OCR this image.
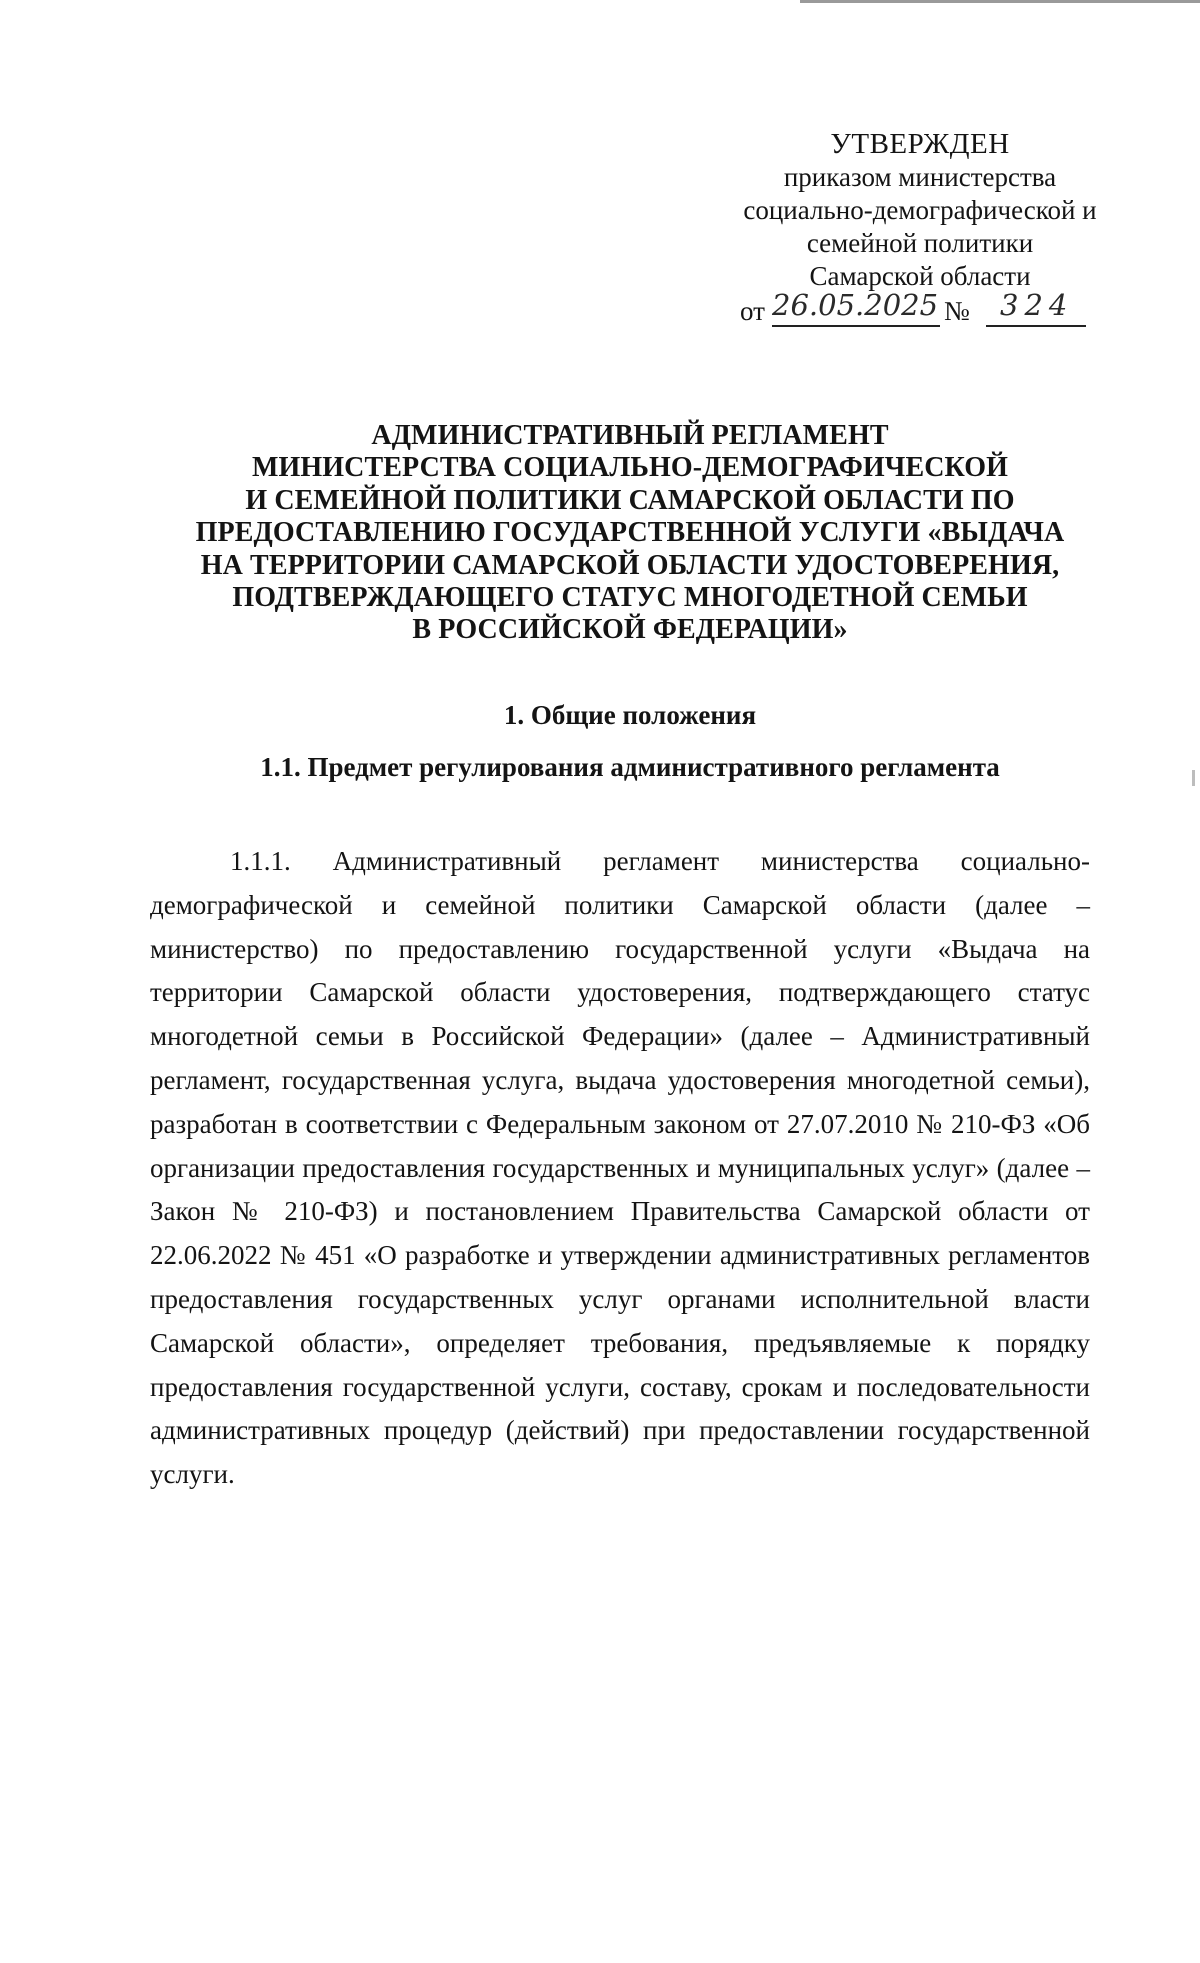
УТВЕРЖДЕН
приказом министерства
социально-демографической и
семейной политики
Самарской области
от 26.05.2025 № 324
АДМИНИСТРАТИВНЫЙ РЕГЛАМЕНТ
МИНИСТЕРСТВА СОЦИАЛЬНО-ДЕМОГРАФИЧЕСКОЙ
И СЕМЕЙНОЙ ПОЛИТИКИ САМАРСКОЙ ОБЛАСТИ ПО
ПРЕДОСТАВЛЕНИЮ ГОСУДАРСТВЕННОЙ УСЛУГИ «ВЫДАЧА
НА ТЕРРИТОРИИ САМАРСКОЙ ОБЛАСТИ УДОСТОВЕРЕНИЯ,
ПОДТВЕРЖДАЮЩЕГО СТАТУС МНОГОДЕТНОЙ СЕМЬИ
В РОССИЙСКОЙ ФЕДЕРАЦИИ»
1. Общие положения
1.1. Предмет регулирования административного регламента
1.1.1. Административный регламент министерства социально-демографической и семейной политики Самарской области (далее – министерство) по предоставлению государственной услуги «Выдача на территории Самарской области удостоверения, подтверждающего статус многодетной семьи в Российской Федерации» (далее – Административный регламент, государственная услуга, выдача удостоверения многодетной семьи), разработан в соответствии с Федеральным законом от 27.07.2010 № 210-ФЗ «Об организации предоставления государственных и муниципальных услуг» (далее – Закон № 210-ФЗ) и постановлением Правительства Самарской области от 22.06.2022 № 451 «О разработке и утверждении административных регламентов предоставления государственных услуг органами исполнительной власти Самарской области», определяет требования, предъявляемые к порядку предоставления государственной услуги, составу, срокам и последовательности административных процедур (действий) при предоставлении государственной услуги.
